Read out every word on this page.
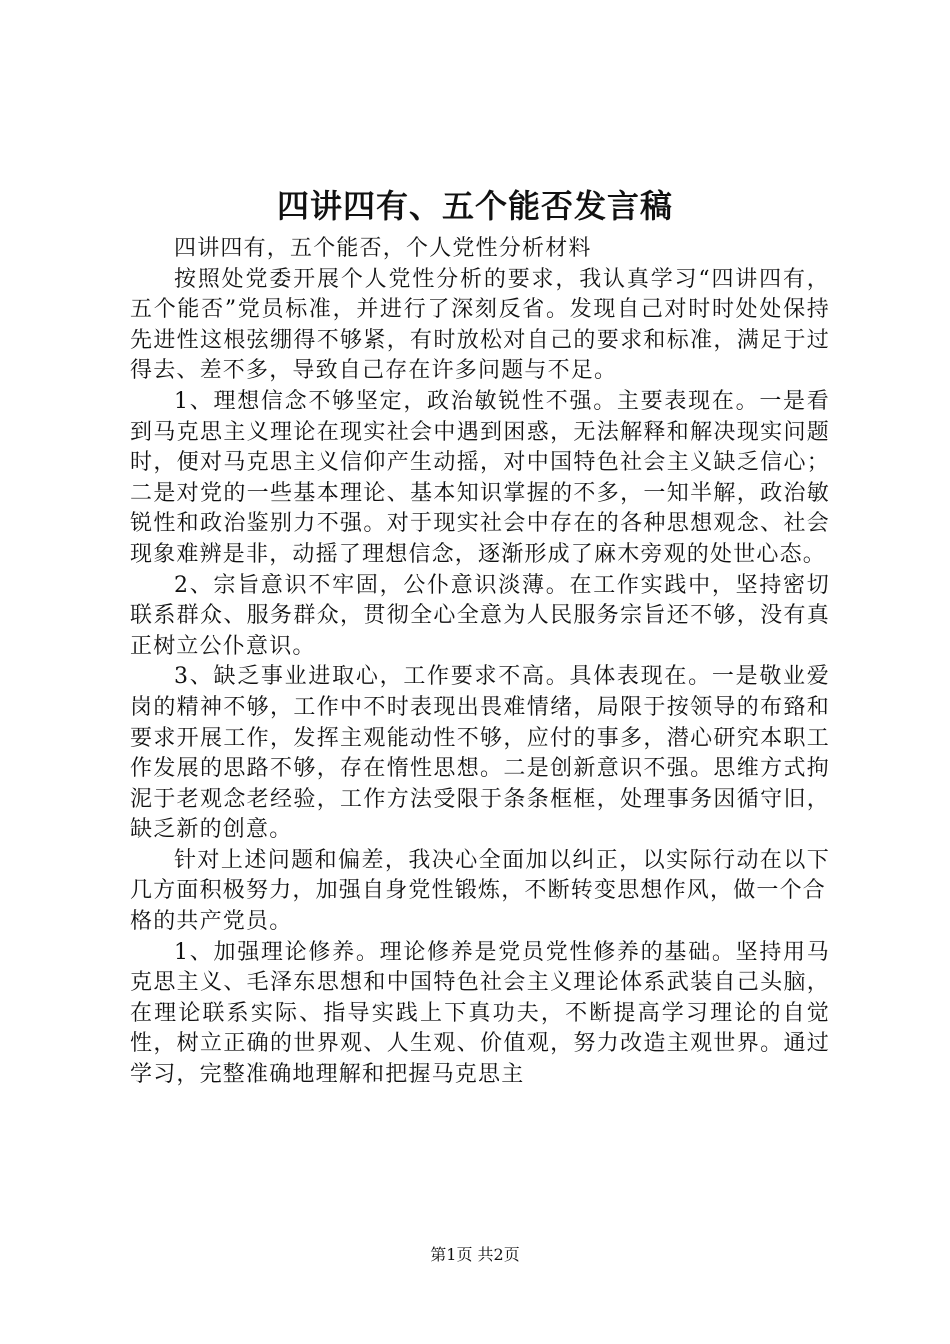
四讲四有、五个能否发言稿

四讲四有，五个能否，个人党性分析材料

按照处党委开展个人党性分析的要求，我认真学习“四讲四有，五个能否”党员标准，并进行了深刻反省。发现自己对时时处处保持先进性这根弦绷得不够紧，有时放松对自己的要求和标准，满足于过得去、差不多，导致自己存在许多问题与不足。

1、理想信念不够坚定，政治敏锐性不强。主要表现在。一是看到马克思主义理论在现实社会中遇到困惑，无法解释和解决现实问题时，便对马克思主义信仰产生动摇，对中国特色社会主义缺乏信心；二是对党的一些基本理论、基本知识掌握的不多，一知半解，政治敏锐性和政治鉴别力不强。对于现实社会中存在的各种思想观念、社会现象难辨是非，动摇了理想信念，逐渐形成了麻木旁观的处世心态。

2、宗旨意识不牢固，公仆意识淡薄。在工作实践中，坚持密切联系群众、服务群众，贯彻全心全意为人民服务宗旨还不够，没有真正树立公仆意识。

3、缺乏事业进取心，工作要求不高。具体表现在。一是敬业爱岗的精神不够，工作中不时表现出畏难情绪，局限于按领导的布臵和要求开展工作，发挥主观能动性不够，应付的事多，潜心研究本职工作发展的思路不够，存在惰性思想。二是创新意识不强。思维方式拘泥于老观念老经验，工作方法受限于条条框框，处理事务因循守旧，缺乏新的创意。

针对上述问题和偏差，我决心全面加以纠正，以实际行动在以下几方面积极努力，加强自身党性锻炼，不断转变思想作风，做一个合

格的共产党员。

1、加强理论修养。理论修养是党员党性修养的基础。坚持用马克思主义、毛泽东思想和中国特色社会主义理论体系武装自己头脑，在理论联系实际、指导实践上下真功夫，不断提高学习理论的自觉性，树立正确的世界观、人生观、价值观，努力改造主观世界。通过学习，完整准确地理解和把握马克思主

第1页 共2页
